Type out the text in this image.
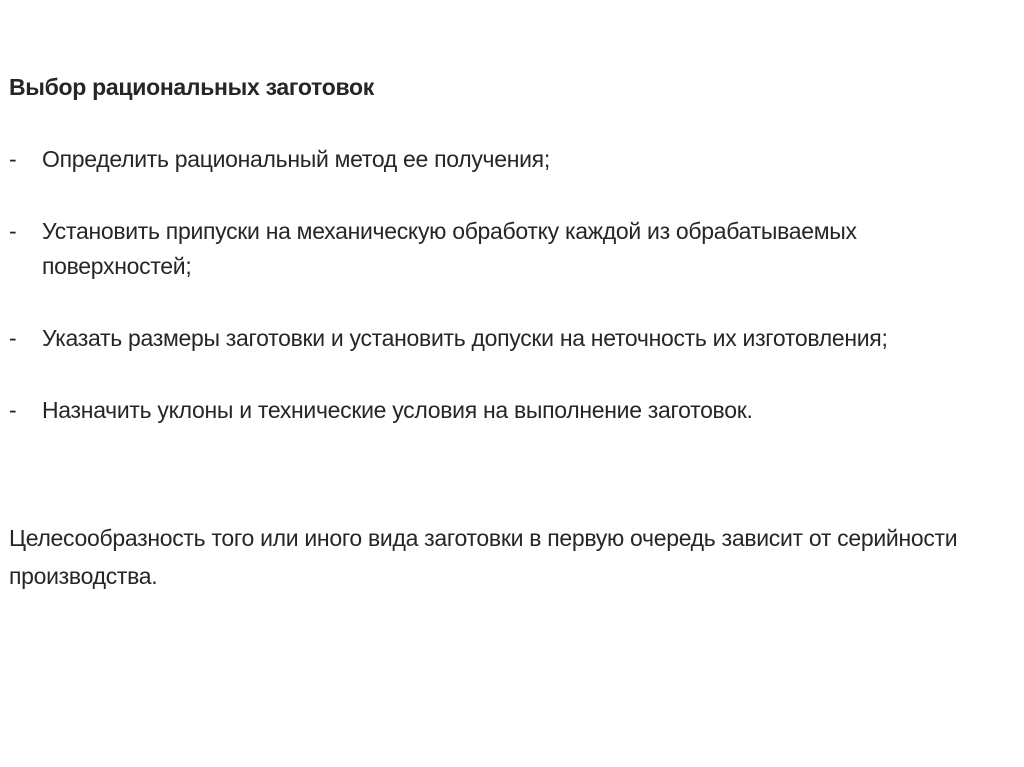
Выбор рациональных заготовок
- Определить рациональный метод ее получения;
- Установить припуски на механическую обработку каждой из обрабатываемых поверхностей;
- Указать размеры заготовки и установить допуски на неточность их изготовления;
- Назначить уклоны и технические условия на выполнение заготовок.

Целесообразность того или иного вида заготовки в первую очередь зависит от серийности производства.
